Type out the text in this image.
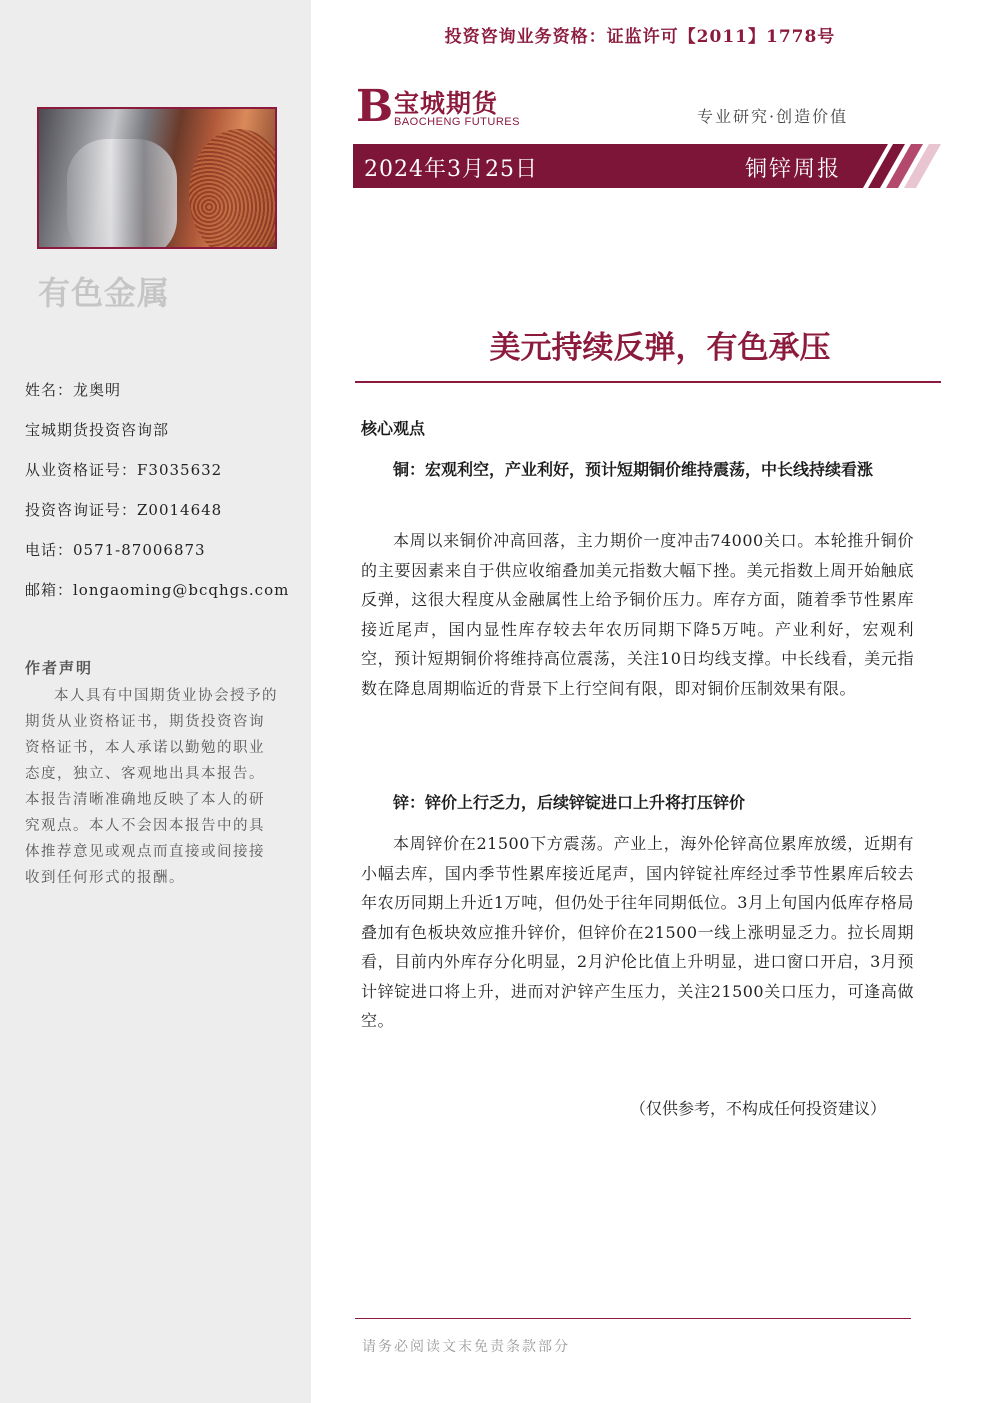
有色金属
姓名：龙奥明
宝城期货投资咨询部
从业资格证号：F3035632
投资咨询证号：Z0014648
电话：0571-87006873
邮箱：longaoming@bcqhgs.com
作者声明
本人具有中国期货业协会授予的期货从业资格证书，期货投资咨询资格证书，本人承诺以勤勉的职业态度，独立、客观地出具本报告。本报告清晰准确地反映了本人的研究观点。本人不会因本报告中的具体推荐意见或观点而直接或间接接收到任何形式的报酬。
投资咨询业务资格：证监许可【2011】1778号
B 宝城期货
BAOCHENG FUTURES	专业研究·创造价值
2024年3月25日	铜锌周报
美元持续反弹，有色承压
核心观点
铜：宏观利空，产业利好，预计短期铜价维持震荡，中长线持续看涨
本周以来铜价冲高回落，主力期价一度冲击74000关口。本轮推升铜价的主要因素来自于供应收缩叠加美元指数大幅下挫。美元指数上周开始触底反弹，这很大程度从金融属性上给予铜价压力。库存方面，随着季节性累库接近尾声，国内显性库存较去年农历同期下降5万吨。产业利好，宏观利空，预计短期铜价将维持高位震荡，关注10日均线支撑。中长线看，美元指数在降息周期临近的背景下上行空间有限，即对铜价压制效果有限。
锌：锌价上行乏力，后续锌锭进口上升将打压锌价
本周锌价在21500下方震荡。产业上，海外伦锌高位累库放缓，近期有小幅去库，国内季节性累库接近尾声，国内锌锭社库经过季节性累库后较去年农历同期上升近1万吨，但仍处于往年同期低位。3月上旬国内低库存格局叠加有色板块效应推升锌价，但锌价在21500一线上涨明显乏力。拉长周期看，目前内外库存分化明显，2月沪伦比值上升明显，进口窗口开启，3月预计锌锭进口将上升，进而对沪锌产生压力，关注21500关口压力，可逢高做空。
（仅供参考，不构成任何投资建议）
请务必阅读文末免责条款部分
